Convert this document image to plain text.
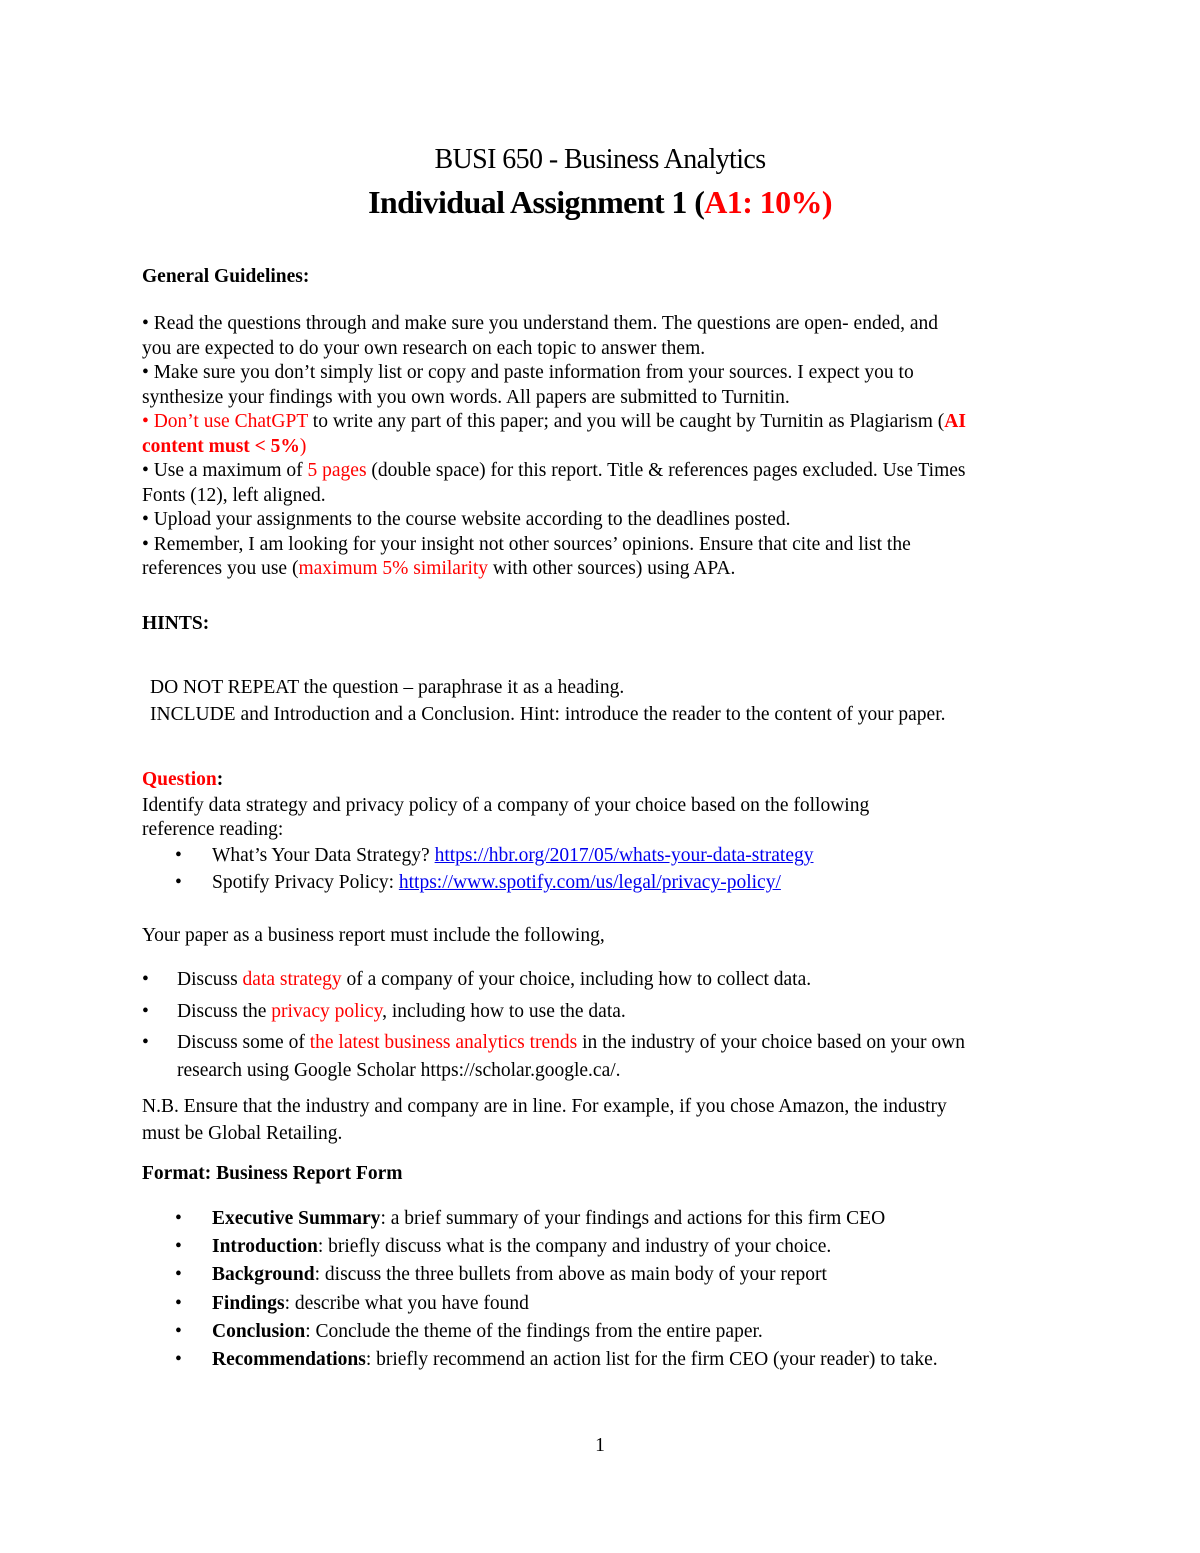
BUSI 650 - Business Analytics
Individual Assignment 1 (A1: 10%)
General Guidelines:

• Read the questions through and make sure you understand them. The questions are open- ended, and

you are expected to do your own research on each topic to answer them.

• Make sure you don’t simply list or copy and paste information from your sources. I expect you to

synthesize your findings with you own words. All papers are submitted to Turnitin.

• Don’t use ChatGPT to write any part of this paper; and you will be caught by Turnitin as Plagiarism (AI

content must < 5%)

• Use a maximum of 5 pages (double space) for this report. Title & references pages excluded. Use Times

Fonts (12), left aligned.

• Upload your assignments to the course website according to the deadlines posted.

• Remember, I am looking for your insight not other sources’ opinions. Ensure that cite and list the

references you use (maximum 5% similarity with other sources) using APA.

HINTS:

DO NOT REPEAT the question – paraphrase it as a heading.

INCLUDE and Introduction and a Conclusion. Hint: introduce the reader to the content of your paper.

Question:
Identify data strategy and privacy policy of a company of your choice based on the following
reference reading:
•	What’s Your Data Strategy? https://hbr.org/2017/05/whats-your-data-strategy
•	Spotify Privacy Policy: https://www.spotify.com/us/legal/privacy-policy/
Your paper as a business report must include the following,
•	Discuss data strategy of a company of your choice, including how to collect data.
•	Discuss the privacy policy, including how to use the data.
•	Discuss some of the latest business analytics trends in the industry of your choice based on your own
research using Google Scholar https://scholar.google.ca/.
N.B. Ensure that the industry and company are in line. For example, if you chose Amazon, the industry
must be Global Retailing.
Format: Business Report Form
•	Executive Summary: a brief summary of your findings and actions for this firm CEO
•	Introduction: briefly discuss what is the company and industry of your choice.
•	Background: discuss the three bullets from above as main body of your report
•	Findings: describe what you have found
•	Conclusion: Conclude the theme of the findings from the entire paper.
•	Recommendations: briefly recommend an action list for the firm CEO (your reader) to take.
1
